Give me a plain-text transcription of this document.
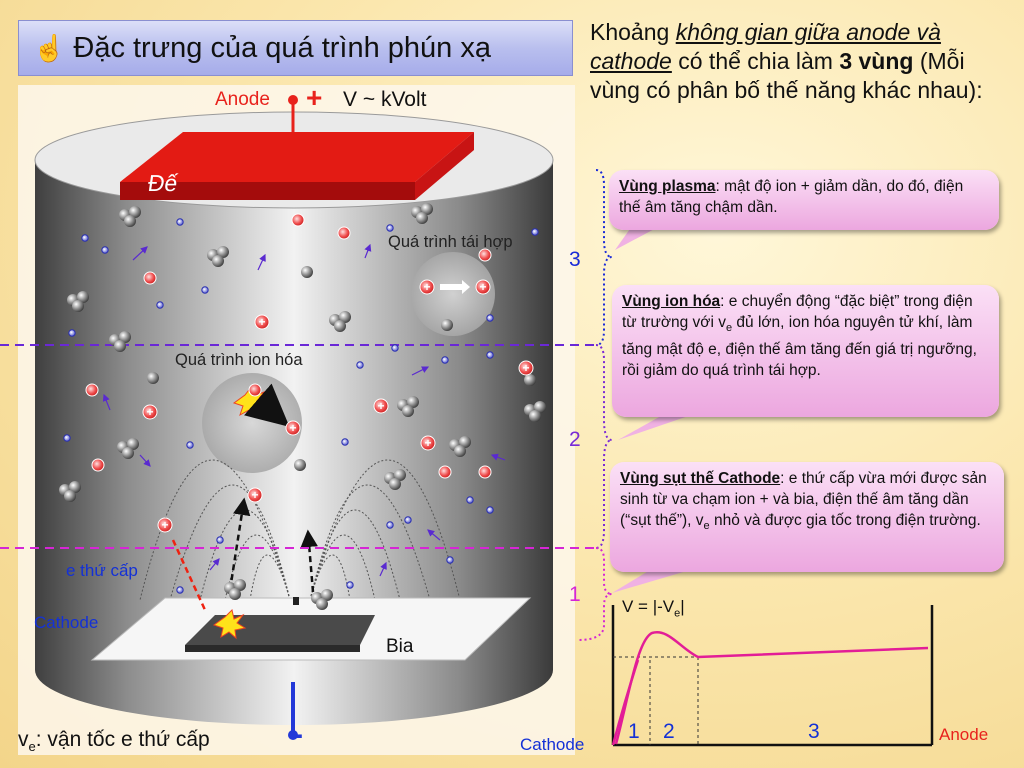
☝ Đặc trưng của quá trình phún xạ	Khoảng không gian giữa anode và cathode có thể chia làm 3 vùng (Mỗi vùng có phân bố thế năng khác nhau):
+
+	+
+
+
+
+
+
+	+
Anode + V ~ kVolt
Đế
Quá trình tái hợp
Quá trình ion hóa
e thứ cấp
Cathode
Bia
-
$v_e$: vận tốc e thứ cấp
3
2
1
Vùng plasma: mật độ ion + giảm dần, do đó, điện thế âm tăng chậm dần.
Vùng ion hóa: e chuyển động “đặc biệt” trong điện từ trường với $v_e$ đủ lớn, ion hóa nguyên tử khí, làm tăng mật độ e, điện thế âm tăng đến giá trị ngưỡng, rồi giảm do quá trình tái hợp.
Vùng sụt thế Cathode: e thứ cấp vừa mới được sản sinh từ va chạm ion + và bia, điện thế âm tăng dần (“sụt thế”), $v_e$ nhỏ và được gia tốc trong điện trường.
$V = |-V_e|$
1 2	3
Cathode
Anode
